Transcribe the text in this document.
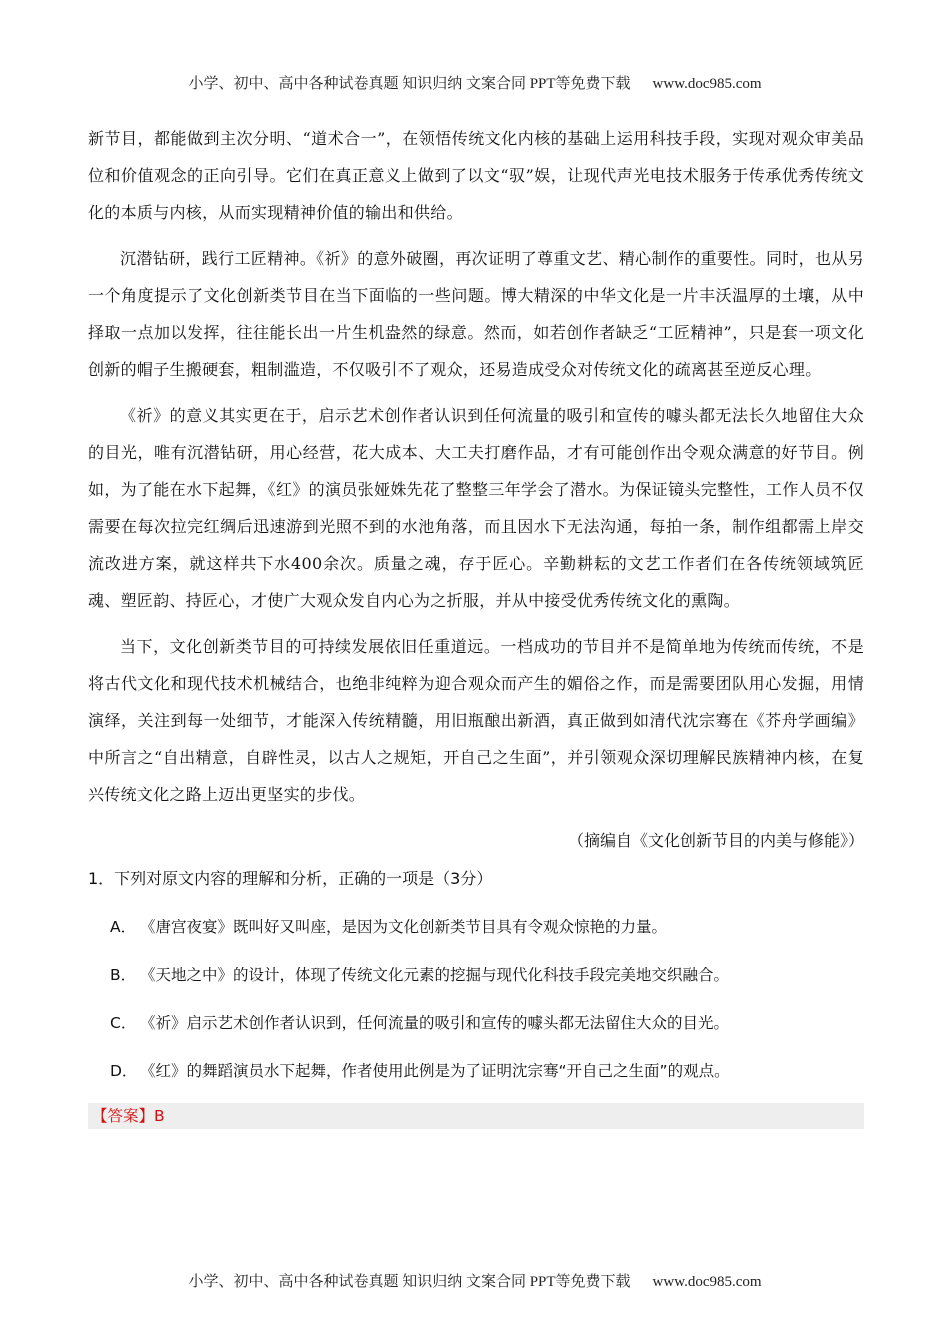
小学、初中、高中各种试卷真题 知识归纳 文案合同 PPT等免费下载 www.doc985.com

新节目，都能做到主次分明、“道术合一”，在领悟传统文化内核的基础上运用科技手段，实现对观众审美品位和价值观念的正向引导。它们在真正意义上做到了以文“驭”娱，让现代声光电技术服务于传承优秀传统文化的本质与内核，从而实现精神价值的输出和供给。

沉潜钻研，践行工匠精神。《祈》的意外破圈，再次证明了尊重文艺、精心制作的重要性。同时，也从另一个角度提示了文化创新类节目在当下面临的一些问题。博大精深的中华文化是一片丰沃温厚的土壤，从中择取一点加以发挥，往往能长出一片生机盎然的绿意。然而，如若创作者缺乏“工匠精神”，只是套一项文化创新的帽子生搬硬套，粗制滥造，不仅吸引不了观众，还易造成受众对传统文化的疏离甚至逆反心理。

《祈》的意义其实更在于，启示艺术创作者认识到任何流量的吸引和宣传的噱头都无法长久地留住大众的目光，唯有沉潜钻研，用心经营，花大成本、大工夫打磨作品，才有可能创作出令观众满意的好节目。例如，为了能在水下起舞，《红》的演员张娅姝先花了整整三年学会了潜水。为保证镜头完整性，工作人员不仅需要在每次拉完红绸后迅速游到光照不到的水池角落，而且因水下无法沟通，每拍一条，制作组都需上岸交流改进方案，就这样共下水400余次。质量之魂，存于匠心。辛勤耕耘的文艺工作者们在各传统领域筑匠魂、塑匠韵、持匠心，才使广大观众发自内心为之折服，并从中接受优秀传统文化的熏陶。

当下，文化创新类节目的可持续发展依旧任重道远。一档成功的节目并不是简单地为传统而传统，不是将古代文化和现代技术机械结合，也绝非纯粹为迎合观众而产生的媚俗之作，而是需要团队用心发掘，用情演绎，关注到每一处细节，才能深入传统精髓，用旧瓶酿出新酒，真正做到如清代沈宗骞在《芥舟学画编》中所言之“自出精意，自辟性灵，以古人之规矩，开自己之生面”，并引领观众深切理解民族精神内核，在复兴传统文化之路上迈出更坚实的步伐。

（摘编自《文化创新节目的内美与修能》）
1．下列对原文内容的理解和分析，正确的一项是（3分）
A． 《唐宫夜宴》既叫好又叫座，是因为文化创新类节目具有令观众惊艳的力量。
B． 《天地之中》的设计，体现了传统文化元素的挖掘与现代化科技手段完美地交织融合。
C． 《祈》启示艺术创作者认识到，任何流量的吸引和宣传的噱头都无法留住大众的目光。
D． 《红》的舞蹈演员水下起舞，作者使用此例是为了证明沈宗骞“开自己之生面”的观点。
【答案】B
小学、初中、高中各种试卷真题 知识归纳 文案合同 PPT等免费下载 www.doc985.com
